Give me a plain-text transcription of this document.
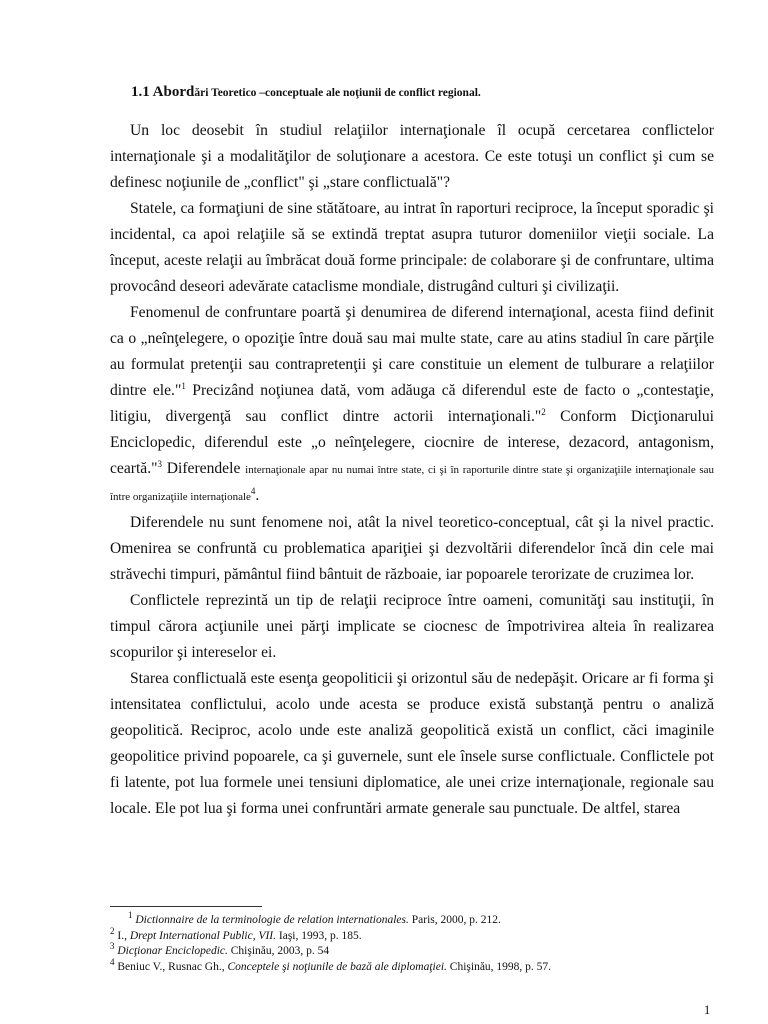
1.1 Abordări Teoretico –conceptuale ale noţiunii de conflict regional.

Un loc deosebit în studiul relaţiilor internaţionale îl ocupă cercetarea conflictelor internaţionale şi a modalităţilor de soluţionare a acestora. Ce este totuşi un conflict şi cum se definesc noţiunile de „conflict" şi „stare conflictuală"?

Statele, ca formaţiuni de sine stătătoare, au intrat în raporturi reciproce, la început sporadic şi incidental, ca apoi relaţiile să se extindă treptat asupra tuturor domeniilor vieţii sociale. La început, aceste relaţii au îmbrăcat două forme principale: de colaborare şi de confruntare, ultima provocând deseori adevărate cataclisme mondiale, distrugând culturi şi civilizaţii.

Fenomenul de confruntare poartă şi denumirea de diferend internaţional, acesta fiind definit ca o „neînţelegere, o opoziţie între două sau mai multe state, care au atins stadiul în care părţile au formulat pretenţii sau contrapretenţii şi care constituie un element de tulburare a relaţiilor dintre ele."$^1$ Precizând noţiunea dată, vom adăuga că diferendul este de facto o „contestaţie, litigiu, divergenţă sau conflict dintre actorii internaţionali."$^2$ Conform Dicţionarului Enciclopedic, diferendul este „o neînţelegere, ciocnire de interese, dezacord, antagonism, ceartă."$^3$ Diferendele internaţionale apar nu numai între state, ci şi în raporturile dintre state şi organizaţiile internaţionale sau între organizaţiile internaţionale$^4$.

Diferendele nu sunt fenomene noi, atât la nivel teoretico-conceptual, cât şi la nivel practic. Omenirea se confruntă cu problematica apariţiei şi dezvoltării diferendelor încă din cele mai străvechi timpuri, pământul fiind bântuit de războaie, iar popoarele terorizate de cruzimea lor.

Conflictele reprezintă un tip de relaţii reciproce între oameni, comunităţi sau instituţii, în timpul cărora acţiunile unei părţi implicate se ciocnesc de împotrivirea alteia în realizarea scopurilor şi intereselor ei.

Starea conflictuală este esenţa geopoliticii şi orizontul său de nedepăşit. Oricare ar fi forma şi intensitatea conflictului, acolo unde acesta se produce există substanţă pentru o analiză geopolitică. Reciproc, acolo unde este analiză geopolitică există un conflict, căci imaginile geopolitice privind popoarele, ca şi guvernele, sunt ele însele surse conflictuale. Conflictele pot fi latente, pot lua formele unei tensiuni diplomatice, ale unei crize internaţionale, regionale sau locale. Ele pot lua şi forma unei confruntări armate generale sau punctuale. De altfel, starea

$^1$ Dictionnaire de la terminologie de relation internationales. Paris, 2000, p. 212.
$^2$ I., Drept International Public, VII. Iaşi, 1993, p. 185.
$^3$ Dicţionar Enciclopedic. Chişinău, 2003, p. 54
$^4$ Beniuc V., Rusnac Gh., Conceptele şi noţiunile de bază ale diplomaţiei. Chişinău, 1998, p. 57.
1
